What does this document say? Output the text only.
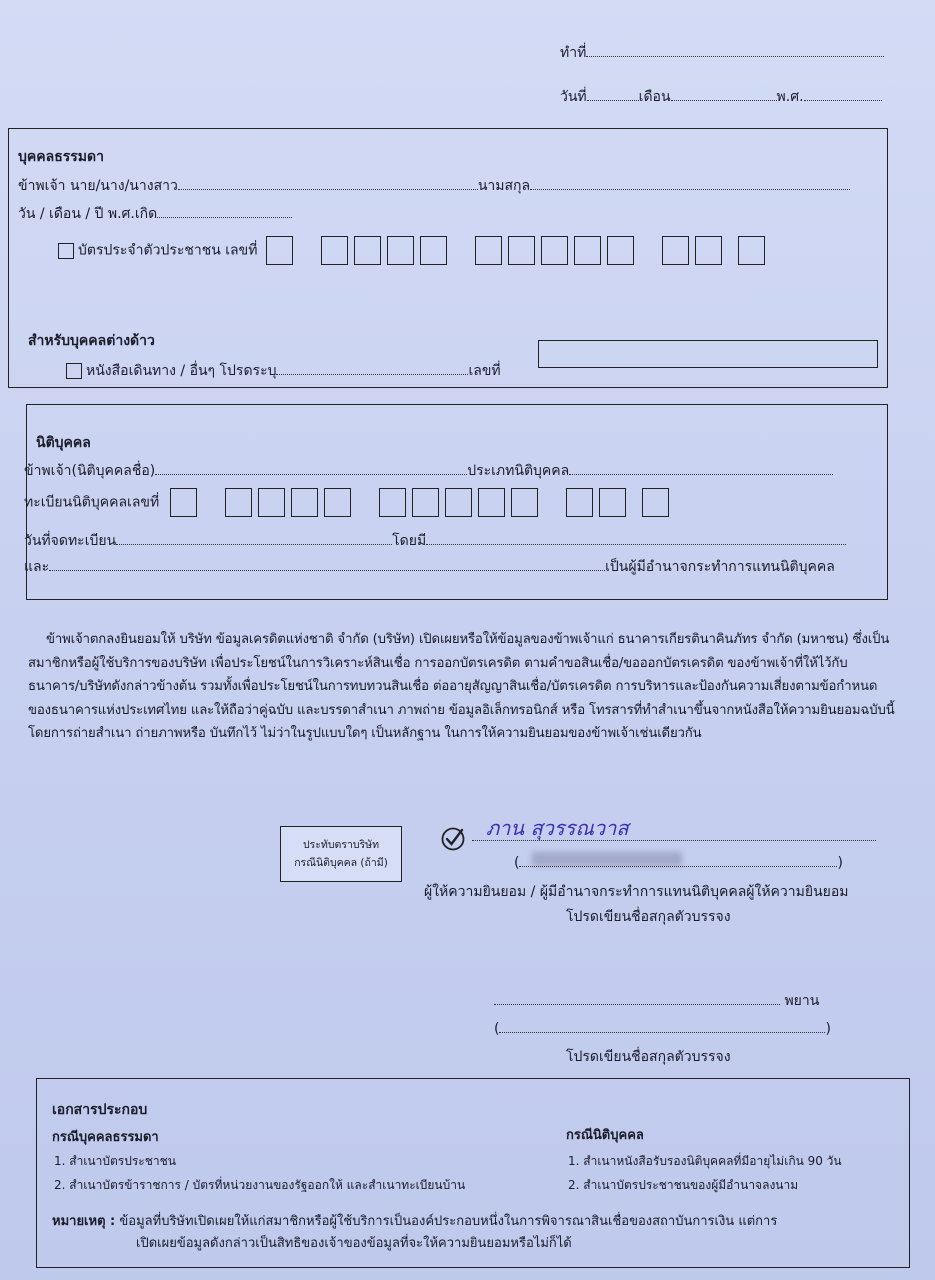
ทำที่
วันที่	เดือน	พ.ศ.
บุคคลธรรมดา
ข้าพเจ้า นาย/นาง/นางสาว	นามสกุล
วัน / เดือน / ปี พ.ศ.เกิด
บัตรประจำตัวประชาชน เลขที่
สำหรับบุคคลต่างด้าว
หนังสือเดินทาง / อื่นๆ โปรดระบุ	เลขที่
นิติบุคคล
ข้าพเจ้า(นิติบุคคลชื่อ)	ประเภทนิติบุคคล
ทะเบียนนิติบุคคลเลขที่
วันที่จดทะเบียน	โดยมี
และ	เป็นผู้มีอำนาจกระทำการแทนนิติบุคคล
ข้าพเจ้าตกลงยินยอมให้ บริษัท ข้อมูลเครดิตแห่งชาติ จำกัด (บริษัท) เปิดเผยหรือให้ข้อมูลของข้าพเจ้าแก่ ธนาคารเกียรตินาคินภัทร จำกัด (มหาชน) ซึ่งเป็นสมาชิกหรือผู้ใช้บริการของบริษัท เพื่อประโยชน์ในการวิเคราะห์สินเชื่อ การออกบัตรเครดิต ตามคำขอสินเชื่อ/ขอออกบัตรเครดิต ของข้าพเจ้าที่ให้ไว้กับธนาคาร/บริษัทดังกล่าวข้างต้น รวมทั้งเพื่อประโยชน์ในการทบทวนสินเชื่อ ต่ออายุสัญญาสินเชื่อ/บัตรเครดิต การบริหารและป้องกันความเสี่ยงตามข้อกำหนดของธนาคารแห่งประเทศไทย และให้ถือว่าคู่ฉบับ และบรรดาสำเนา ภาพถ่าย ข้อมูลอิเล็กทรอนิกส์ หรือ โทรสารที่ทำสำเนาขึ้นจากหนังสือให้ความยินยอมฉบับนี้ โดยการถ่ายสำเนา ถ่ายภาพหรือ บันทึกไว้ ไม่ว่าในรูปแบบใดๆ เป็นหลักฐาน ในการให้ความยินยอมของข้าพเจ้าเช่นเดียวกัน
ประทับตราบริษัท
กรณีนิติบุคคล (ถ้ามี)
ภาน สุวรรณวาส
(	)
ผู้ให้ความยินยอม / ผู้มีอำนาจกระทำการแทนนิติบุคคลผู้ให้ความยินยอม
โปรดเขียนชื่อสกุลตัวบรรจง
พยาน
(	)
โปรดเขียนชื่อสกุลตัวบรรจง
เอกสารประกอบ
กรณีบุคคลธรรมดา
1. สำเนาบัตรประชาชน
2. สำเนาบัตรข้าราชการ / บัตรที่หน่วยงานของรัฐออกให้ และสำเนาทะเบียนบ้าน
กรณีนิติบุคคล
1. สำเนาหนังสือรับรองนิติบุคคลที่มีอายุไม่เกิน 90 วัน
2. สำเนาบัตรประชาชนของผู้มีอำนาจลงนาม
หมายเหตุ : ข้อมูลที่บริษัทเปิดเผยให้แก่สมาชิกหรือผู้ใช้บริการเป็นองค์ประกอบหนึ่งในการพิจารณาสินเชื่อของสถาบันการเงิน แต่การ
เปิดเผยข้อมูลดังกล่าวเป็นสิทธิของเจ้าของข้อมูลที่จะให้ความยินยอมหรือไม่ก็ได้
